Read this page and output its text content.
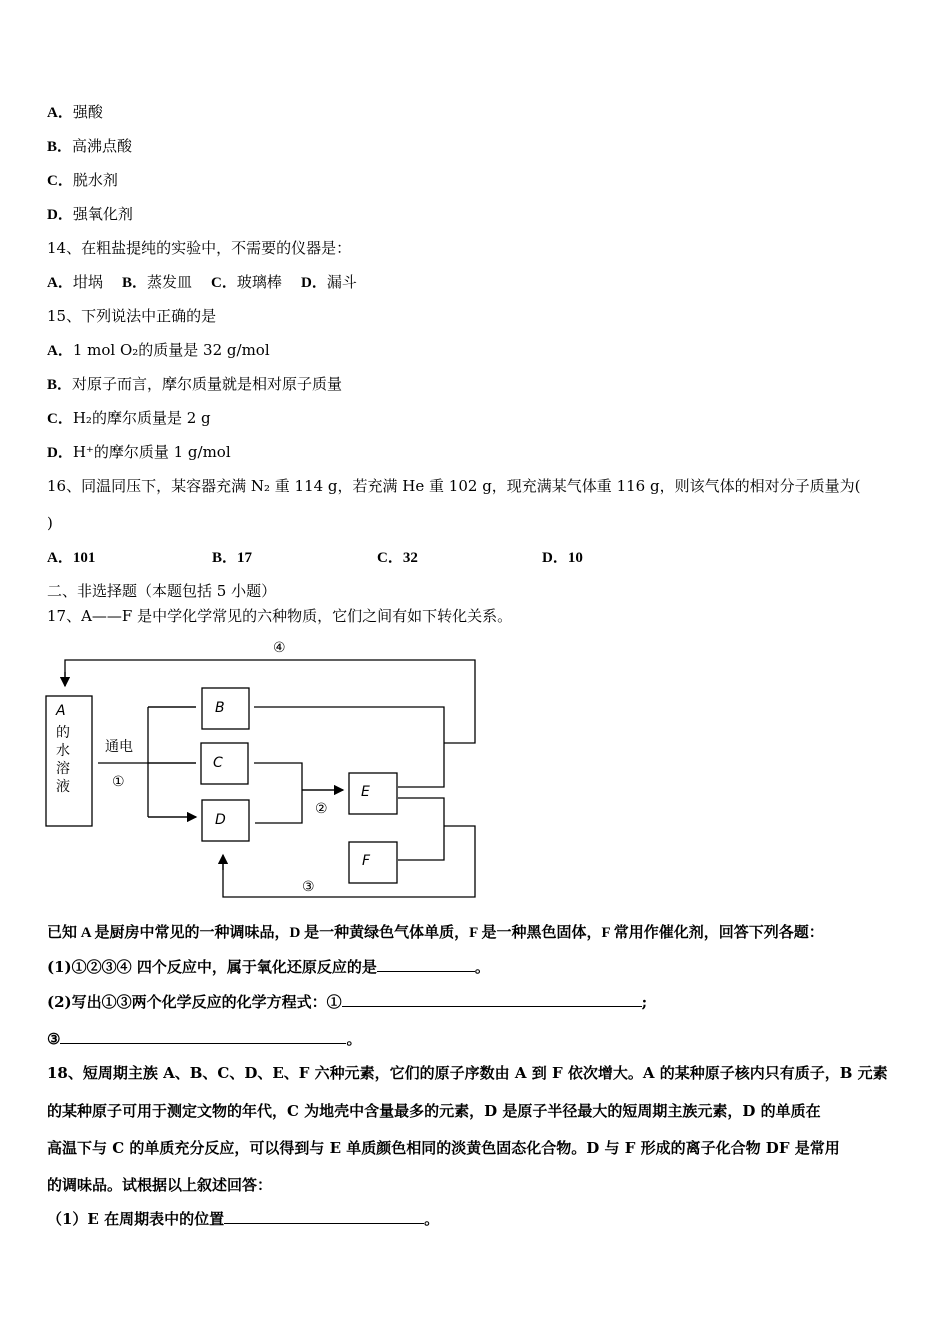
A．强酸
B．高沸点酸
C．脱水剂
D．强氧化剂
14、在粗盐提纯的实验中，不需要的仪器是：
A．坩埚 B．蒸发皿 C．玻璃棒 D．漏斗
15、下列说法中正确的是
A．1 mol O₂的质量是 32 g/mol
B．对原子而言，摩尔质量就是相对原子质量
C．H₂的摩尔质量是 2 g
D．H⁺的摩尔质量 1 g/mol
16、同温同压下，某容器充满 N₂ 重 114 g，若充满 He 重 102 g，现充满某气体重 116 g，则该气体的相对分子质量为(
)
A．101	B．17	C．32	D．10
二、非选择题（本题包括 5 小题）
17、A——F 是中学化学常见的六种物质，它们之间有如下转化关系。
A
的
水
溶
液
通电
①
②
③
④
B
C
D
E
F
已知 A 是厨房中常见的一种调味品，D 是一种黄绿色气体单质，F 是一种黑色固体，F 常用作催化剂，回答下列各题：
(1)①②③④ 四个反应中，属于氧化还原反应的是	。
(2)写出①③两个化学反应的化学方程式：①	;
③	。
18、短周期主族 A、B、C、D、E、F 六种元素，它们的原子序数由 A 到 F 依次增大。A 的某种原子核内只有质子，B 元素
的某种原子可用于测定文物的年代，C 为地壳中含量最多的元素，D 是原子半径最大的短周期主族元素，D 的单质在
高温下与 C 的单质充分反应，可以得到与 E 单质颜色相同的淡黄色固态化合物。D 与 F 形成的离子化合物 DF 是常用
的调味品。试根据以上叙述回答：
（1）E 在周期表中的位置	。
